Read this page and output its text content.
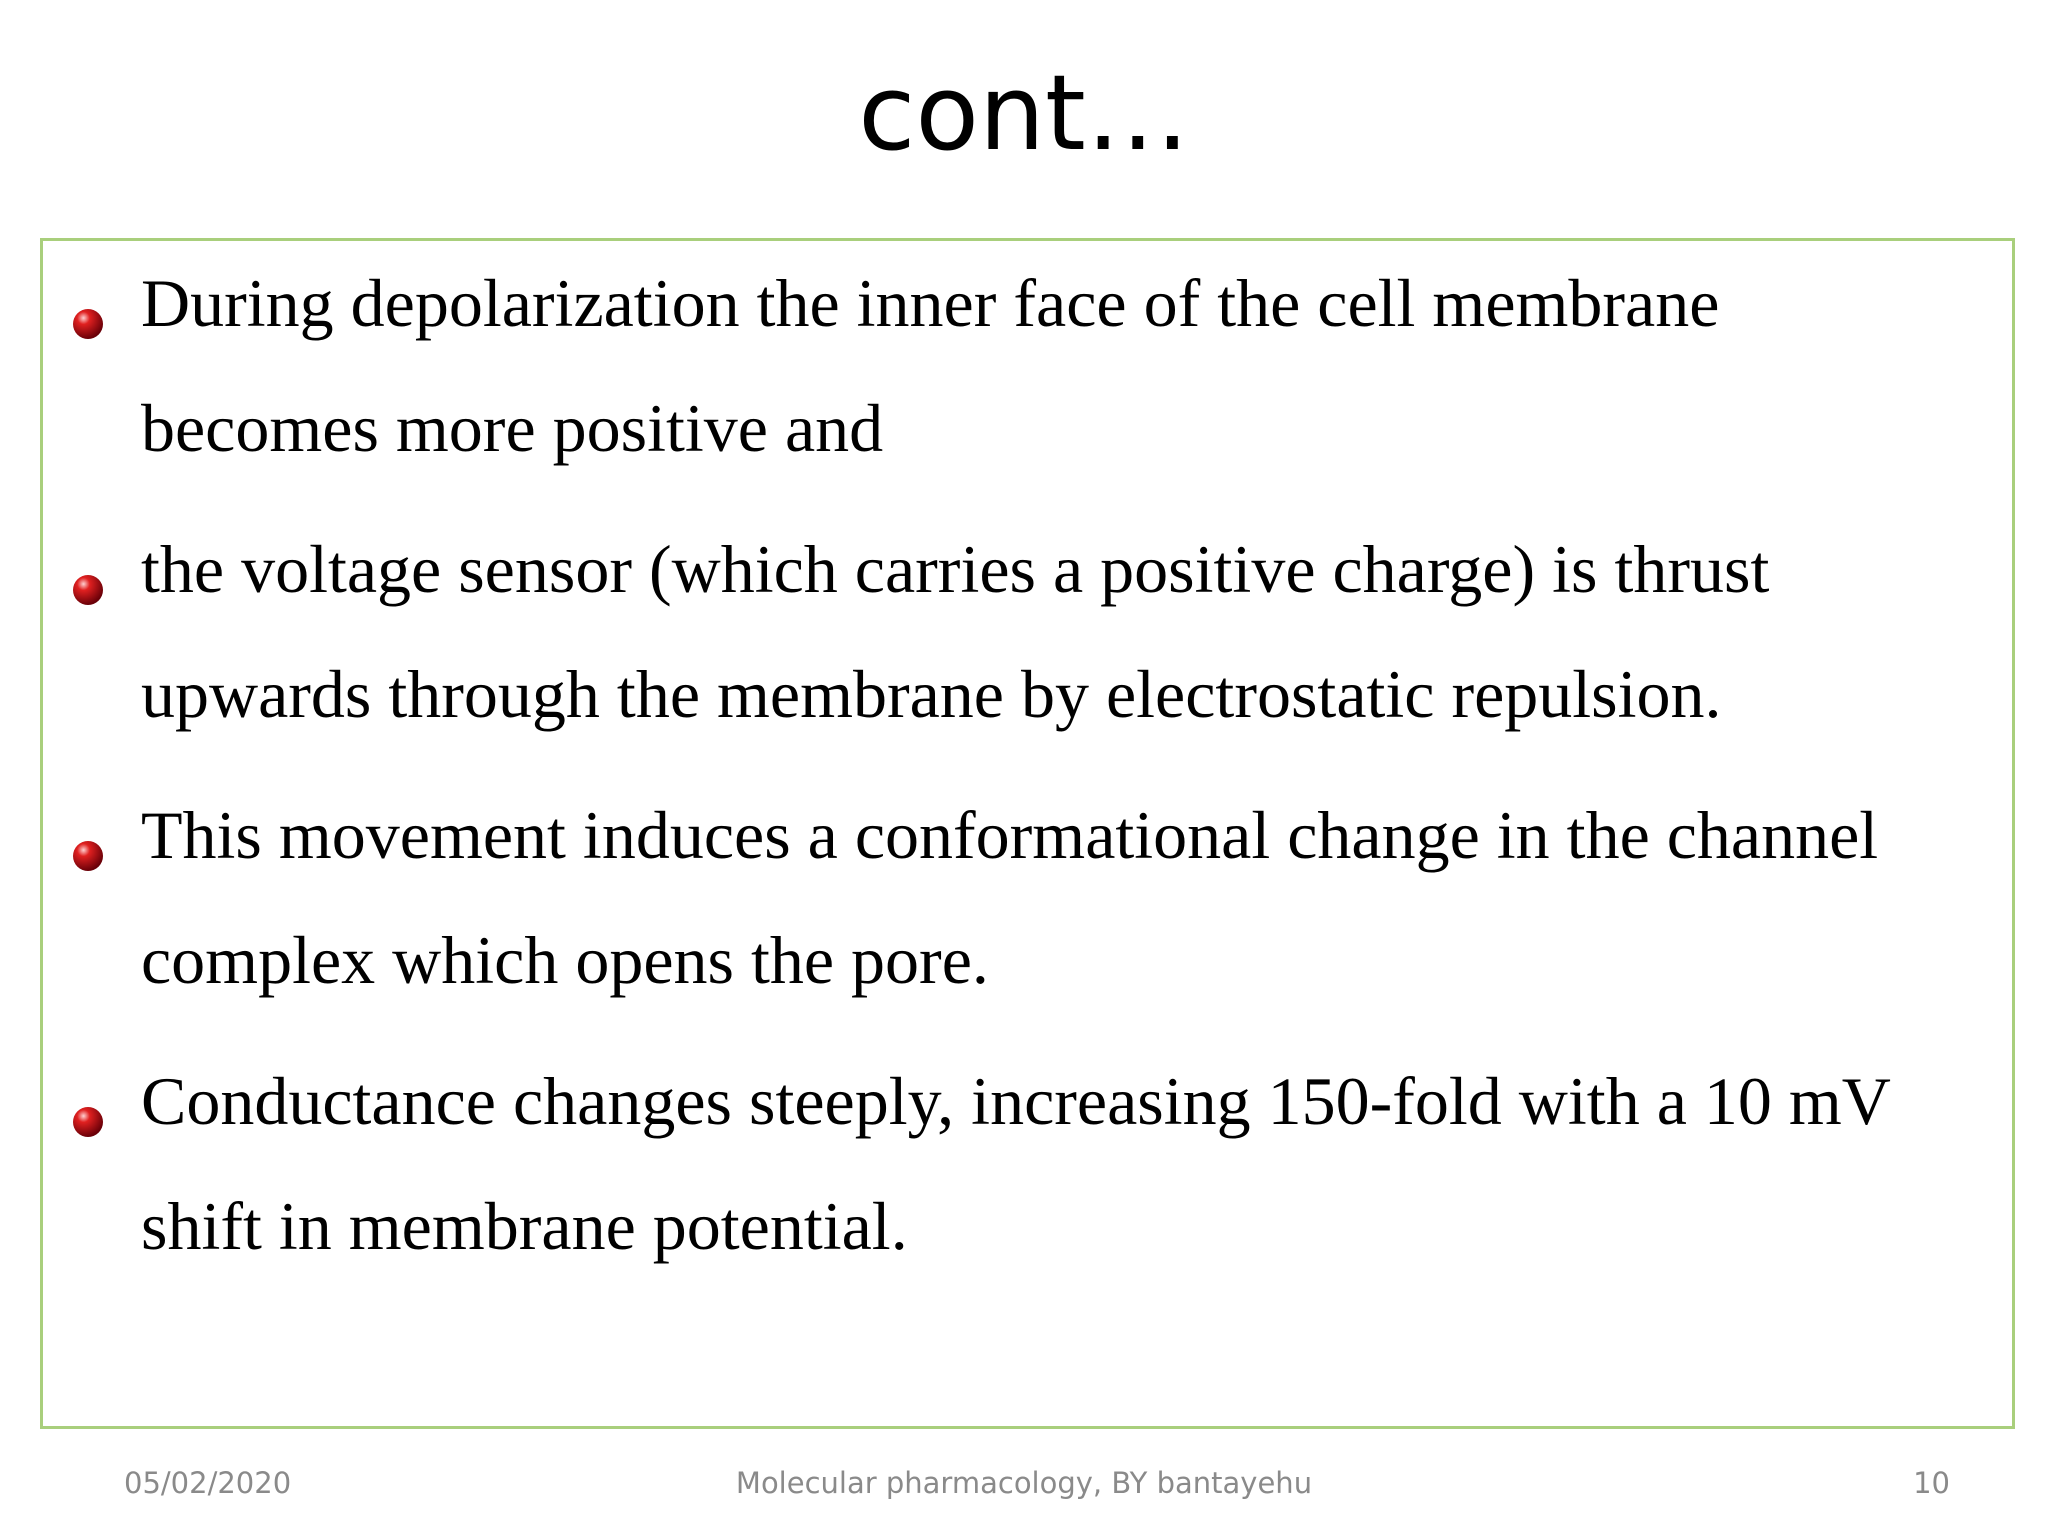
cont…
During depolarization the inner face of the cell membrane
becomes more positive and
the voltage sensor (which carries a positive charge) is thrust
upwards through the membrane by electrostatic repulsion.
This movement induces a conformational change in the channel
complex which opens the pore.
Conductance changes steeply, increasing 150-fold with a 10 mV
shift in membrane potential.
05/02/2020	Molecular pharmacology, BY bantayehu	10
